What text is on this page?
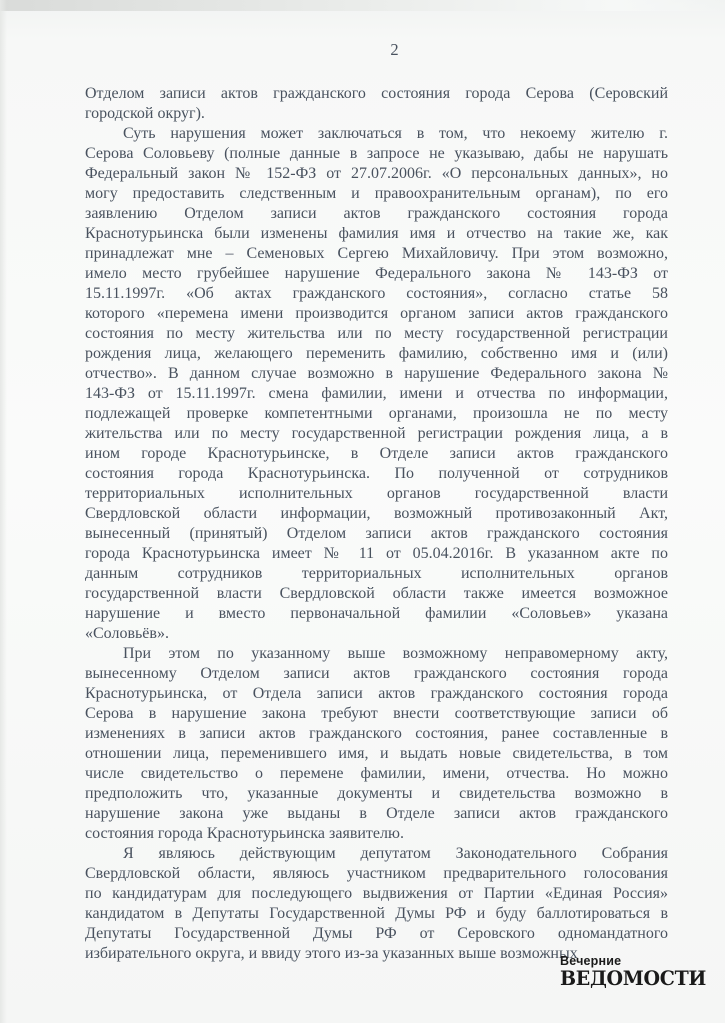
2
Отделом записи актов гражданского состояния города Серова (Серовский
городской округ).
Суть нарушения может заключаться в том, что некоему жителю г.
Серова Соловьеву (полные данные в запросе не указываю, дабы не нарушать
Федеральный закон № 152-ФЗ от 27.07.2006г. «О персональных данных», но
могу предоставить следственным и правоохранительным органам), по его
заявлению Отделом записи актов гражданского состояния города
Краснотурьинска были изменены фамилия имя и отчество на такие же, как
принадлежат мне – Семеновых Сергею Михайловичу. При этом возможно,
имело место грубейшее нарушение Федерального закона № 143-ФЗ от
15.11.1997г. «Об актах гражданского состояния», согласно статье 58
которого «перемена имени производится органом записи актов гражданского
состояния по месту жительства или по месту государственной регистрации
рождения лица, желающего переменить фамилию, собственно имя и (или)
отчество». В данном случае возможно в нарушение Федерального закона №
143-ФЗ от 15.11.1997г. смена фамилии, имени и отчества по информации,
подлежащей проверке компетентными органами, произошла не по месту
жительства или по месту государственной регистрации рождения лица, а в
ином городе Краснотурьинске, в Отделе записи актов гражданского
состояния города Краснотурьинска. По полученной от сотрудников
территориальных исполнительных органов государственной власти
Свердловской области информации, возможный противозаконный Акт,
вынесенный (принятый) Отделом записи актов гражданского состояния
города Краснотурьинска имеет № 11 от 05.04.2016г. В указанном акте по
данным сотрудников территориальных исполнительных органов
государственной власти Свердловской области также имеется возможное
нарушение и вместо первоначальной фамилии «Соловьев» указана
«Соловьёв».
При этом по указанному выше возможному неправомерному акту,
вынесенному Отделом записи актов гражданского состояния города
Краснотурьинска, от Отдела записи актов гражданского состояния города
Серова в нарушение закона требуют внести соответствующие записи об
изменениях в записи актов гражданского состояния, ранее составленные в
отношении лица, переменившего имя, и выдать новые свидетельства, в том
числе свидетельство о перемене фамилии, имени, отчества. Но можно
предположить что, указанные документы и свидетельства возможно в
нарушение закона уже выданы в Отделе записи актов гражданского
состояния города Краснотурьинска заявителю.
Я являюсь действующим депутатом Законодательного Собрания
Свердловской области, являюсь участником предварительного голосования
по кандидатурам для последующего выдвижения от Партии «Единая Россия»
кандидатом в Депутаты Государственной Думы РФ и буду баллотироваться в
Депутаты Государственной Думы РФ от Серовского одномандатного
избирательного округа, и ввиду этого из-за указанных выше возможных
Вечерние
ВЕДОМОСТИ
